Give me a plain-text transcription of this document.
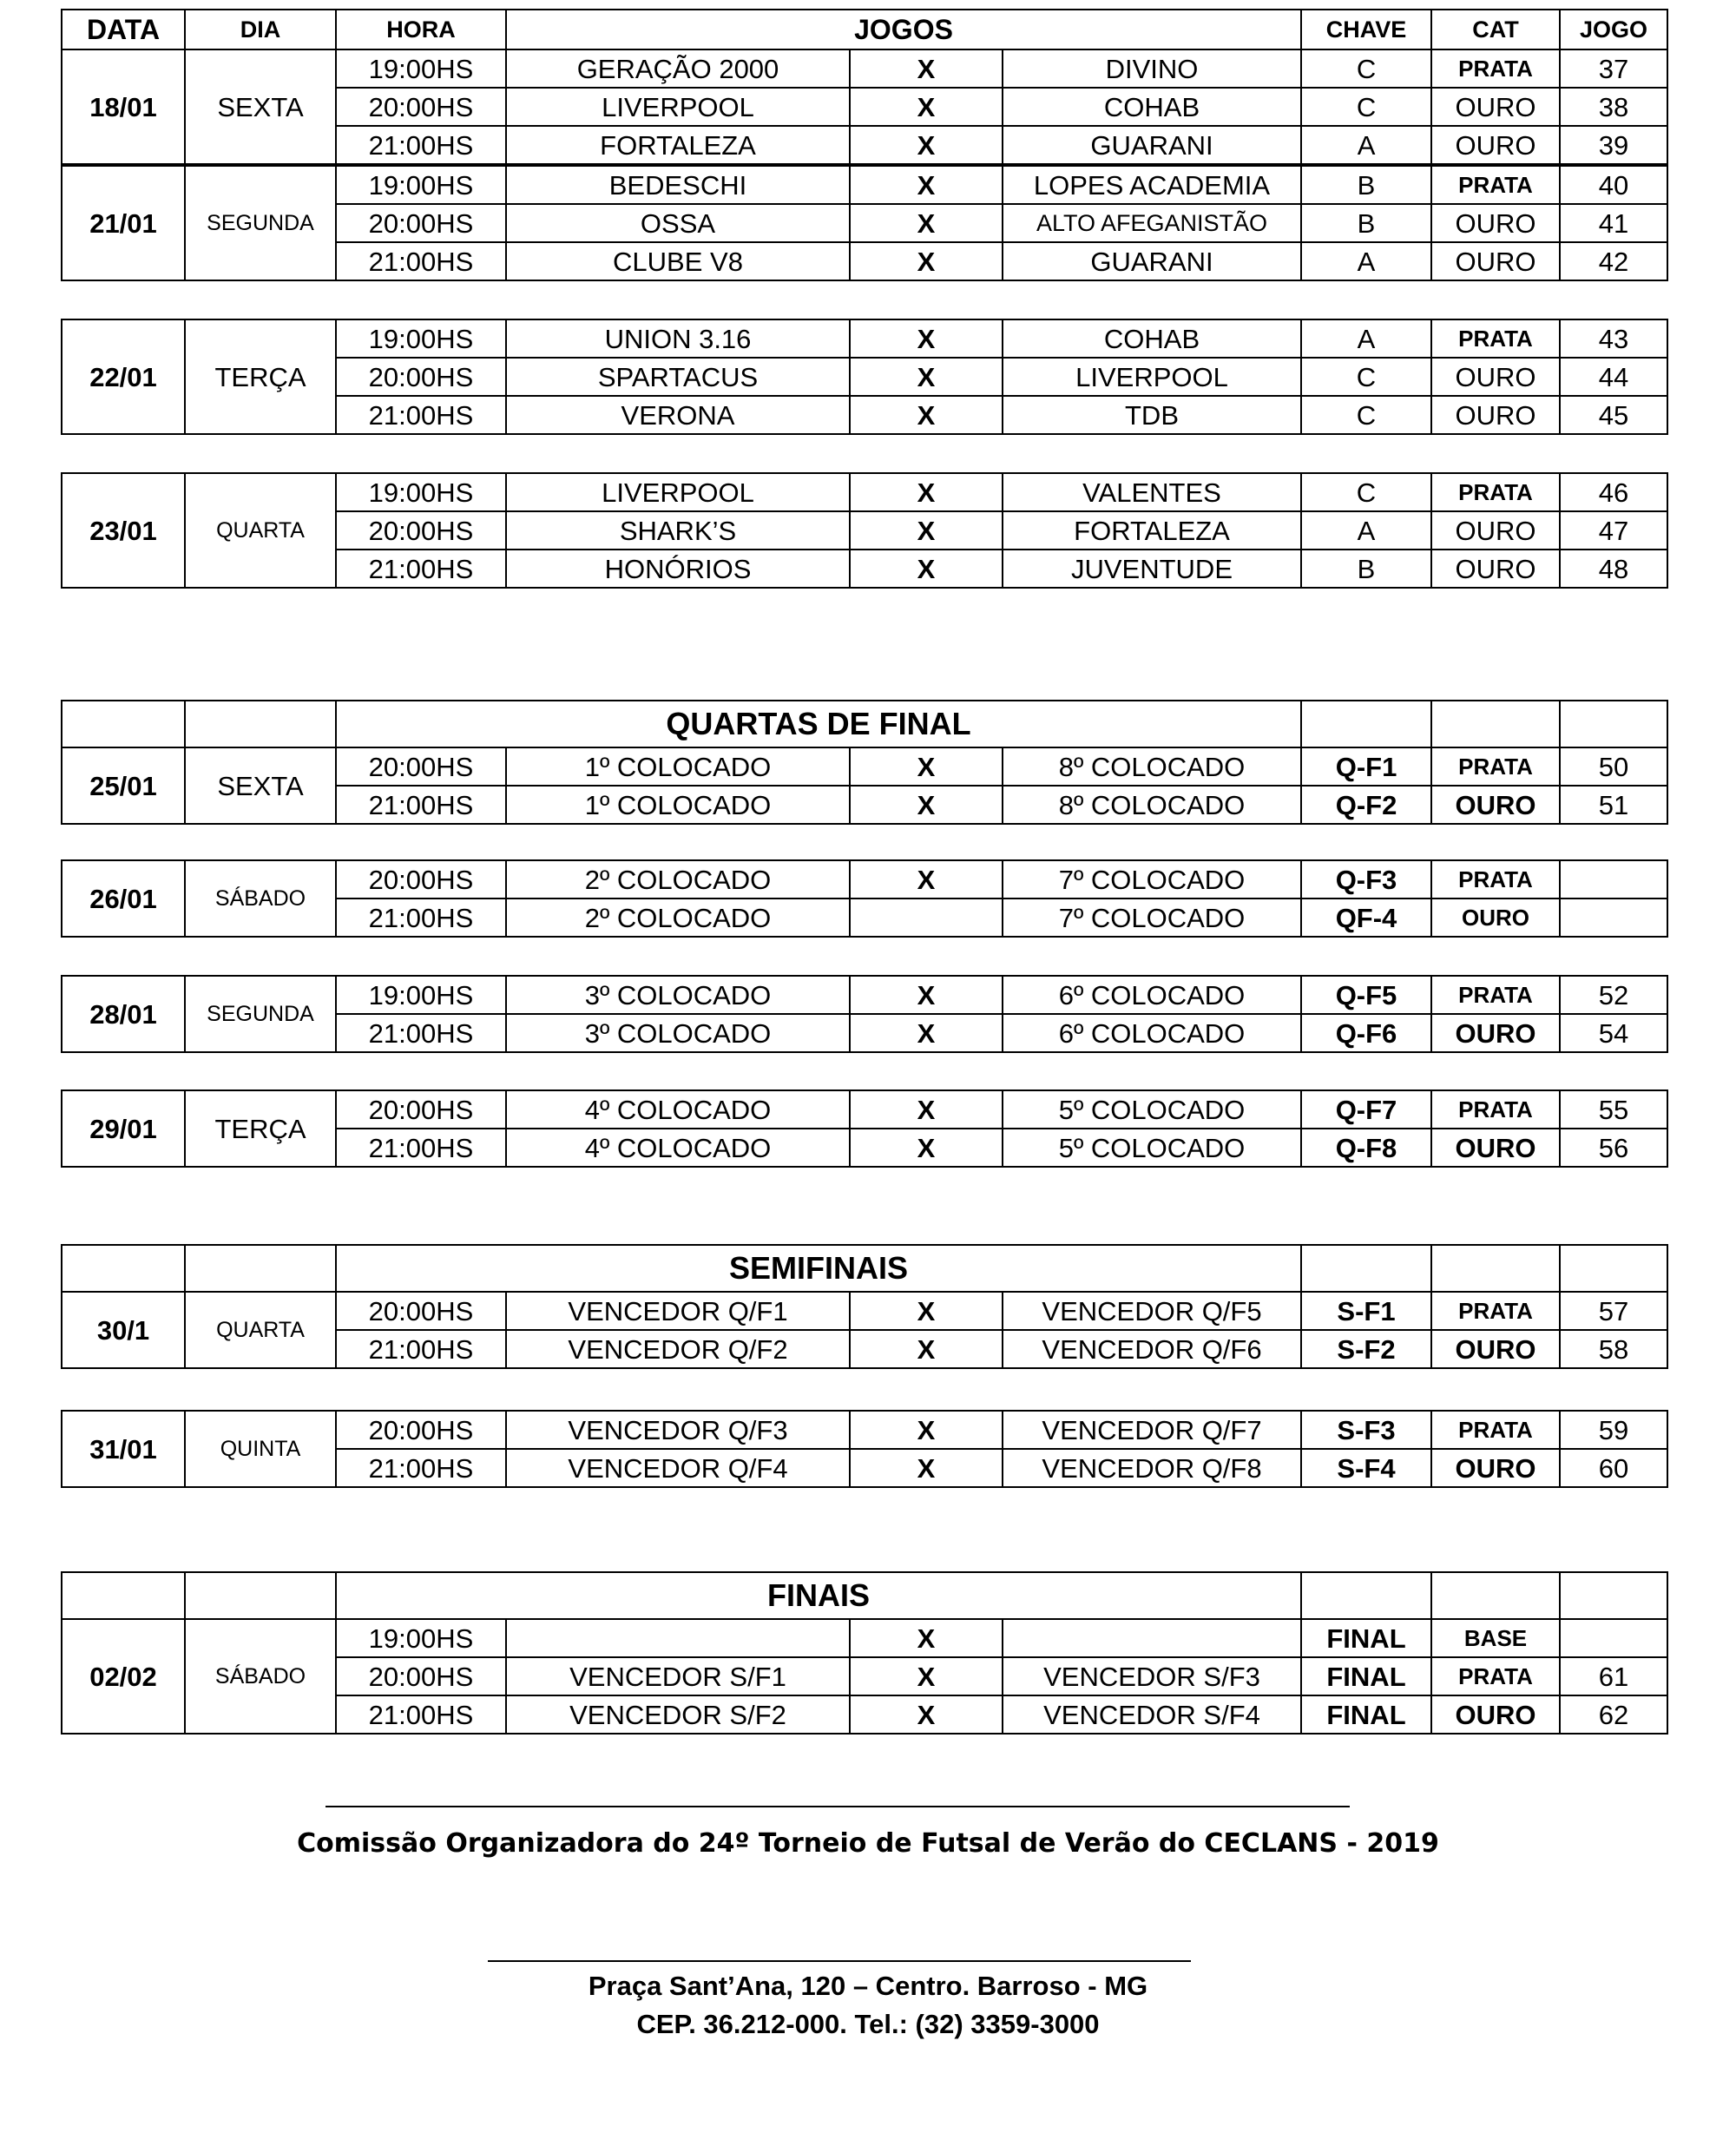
DATA	DIA	HORA	JOGOS			CHAVE	CAT	JOGO
18/01	SEXTA	19:00HS	GERAÇÃO 2000	X	DIVINO	C	PRATA	37
		20:00HS	LIVERPOOL	X	COHAB	C	OURO	38
		21:00HS	FORTALEZA	X	GUARANI	A	OURO	39
21/01	SEGUNDA	19:00HS	BEDESCHI	X	LOPES ACADEMIA	B	PRATA	40
		20:00HS	OSSA	X	ALTO AFEGANISTÃO	B	OURO	41
		21:00HS	CLUBE V8	X	GUARANI	A	OURO	42
22/01	TERÇA	19:00HS	UNION 3.16	X	COHAB	A	PRATA	43
		20:00HS	SPARTACUS	X	LIVERPOOL	C	OURO	44
		21:00HS	VERONA	X	TDB	C	OURO	45
23/01	QUARTA	19:00HS	LIVERPOOL	X	VALENTES	C	PRATA	46
		20:00HS	SHARK’S	X	FORTALEZA	A	OURO	47
		21:00HS	HONÓRIOS	X	JUVENTUDE	B	OURO	48
		QUARTAS DE FINAL						
25/01	SEXTA	20:00HS	1º COLOCADO	X	8º COLOCADO	Q-F1	PRATA	50
		21:00HS	1º COLOCADO	X	8º COLOCADO	Q-F2	OURO	51
26/01	SÁBADO	20:00HS	2º COLOCADO	X	7º COLOCADO	Q-F3	PRATA	
		21:00HS	2º COLOCADO		7º COLOCADO	QF-4	OURO	
28/01	SEGUNDA	19:00HS	3º COLOCADO	X	6º COLOCADO	Q-F5	PRATA	52
		21:00HS	3º COLOCADO	X	6º COLOCADO	Q-F6	OURO	54
29/01	TERÇA	20:00HS	4º COLOCADO	X	5º COLOCADO	Q-F7	PRATA	55
		21:00HS	4º COLOCADO	X	5º COLOCADO	Q-F8	OURO	56
		SEMIFINAIS						
30/1	QUARTA	20:00HS	VENCEDOR Q/F1	X	VENCEDOR Q/F5	S-F1	PRATA	57
		21:00HS	VENCEDOR Q/F2	X	VENCEDOR Q/F6	S-F2	OURO	58
31/01	QUINTA	20:00HS	VENCEDOR Q/F3	X	VENCEDOR Q/F7	S-F3	PRATA	59
		21:00HS	VENCEDOR Q/F4	X	VENCEDOR Q/F8	S-F4	OURO	60
		FINAIS						
02/02	SÁBADO	19:00HS		X		FINAL	BASE	
		20:00HS	VENCEDOR S/F1	X	VENCEDOR S/F3	FINAL	PRATA	61
		21:00HS	VENCEDOR S/F2	X	VENCEDOR S/F4	FINAL	OURO	62
Comissão Organizadora do 24º Torneio de Futsal de Verão do CECLANS - 2019
Praça Sant’Ana, 120 – Centro. Barroso - MG
CEP. 36.212-000. Tel.: (32) 3359-3000
